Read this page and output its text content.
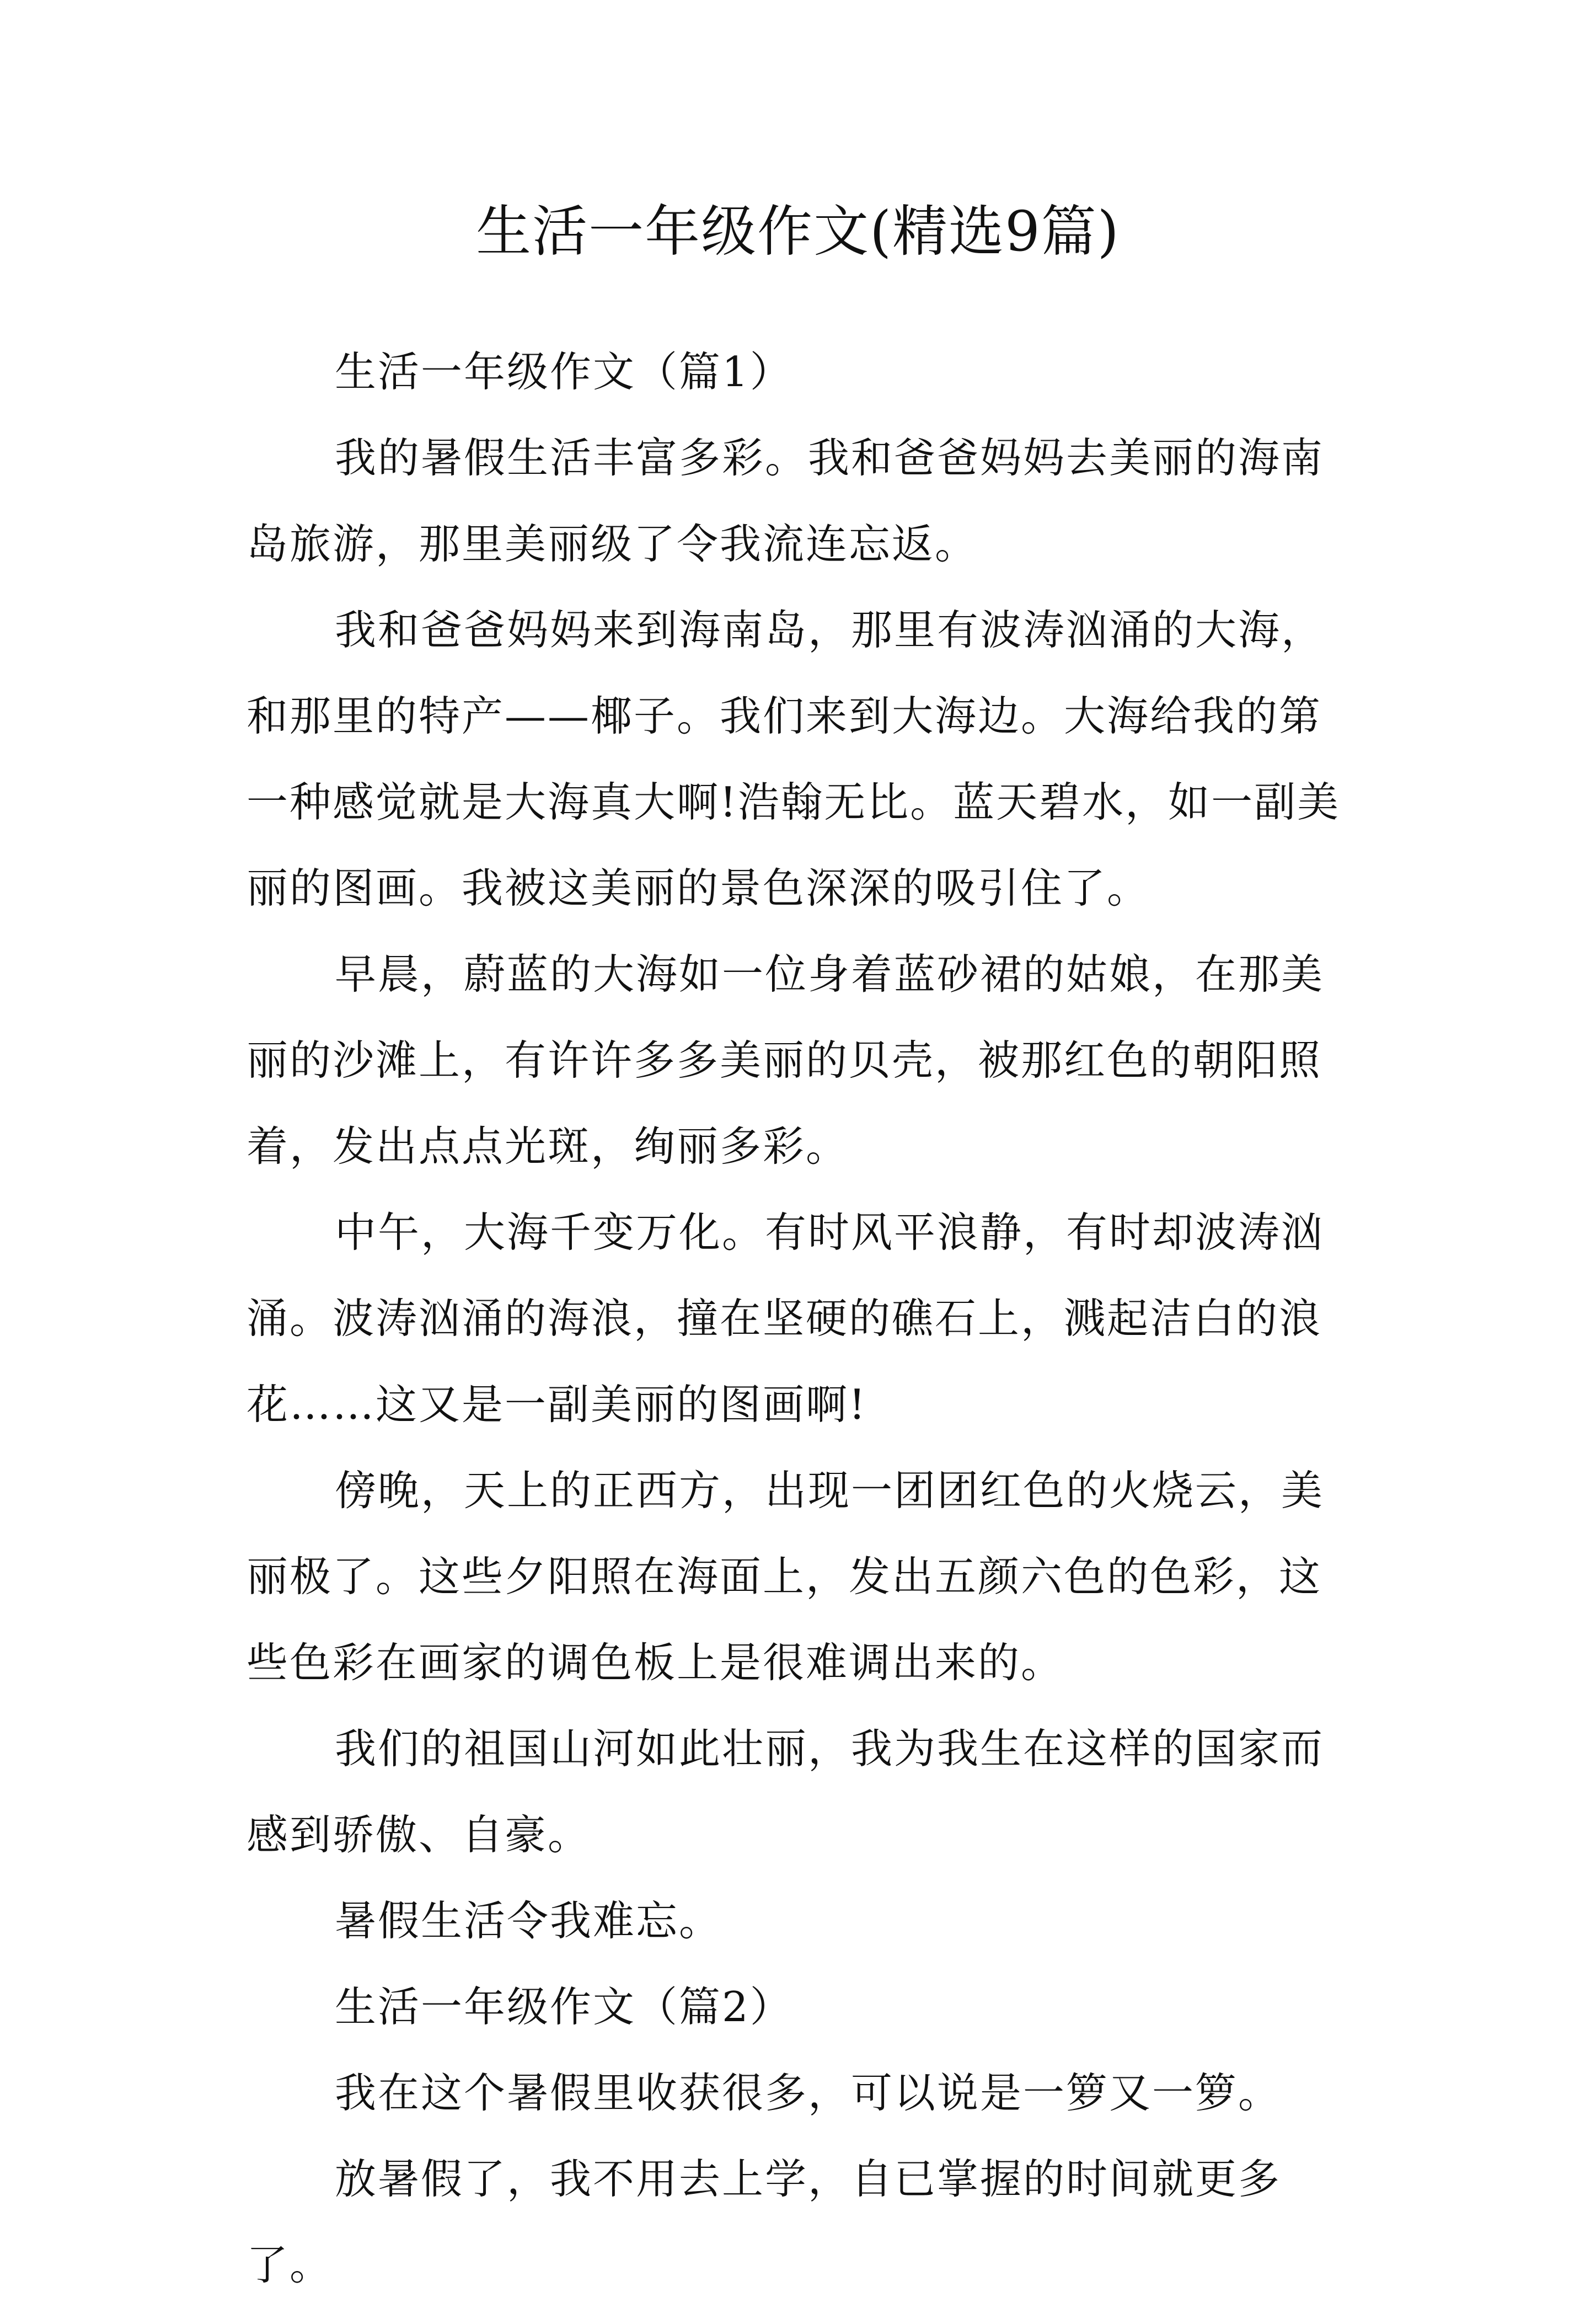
生活一年级作文(精选9篇)

生活一年级作文（篇1）

我的暑假生活丰富多彩。我和爸爸妈妈去美丽的海南岛旅游，那里美丽级了令我流连忘返。

我和爸爸妈妈来到海南岛，那里有波涛汹涌的大海，和那里的特产——椰子。我们来到大海边。大海给我的第一种感觉就是大海真大啊!浩翰无比。蓝天碧水，如一副美丽的图画。我被这美丽的景色深深的吸引住了。

早晨，蔚蓝的大海如一位身着蓝砂裙的姑娘，在那美丽的沙滩上，有许许多多美丽的贝壳，被那红色的朝阳照着，发出点点光斑，绚丽多彩。

中午，大海千变万化。有时风平浪静，有时却波涛汹涌。波涛汹涌的海浪，撞在坚硬的礁石上，溅起洁白的浪花……这又是一副美丽的图画啊!

傍晚，天上的正西方，出现一团团红色的火烧云，美丽极了。这些夕阳照在海面上，发出五颜六色的色彩，这些色彩在画家的调色板上是很难调出来的。

我们的祖国山河如此壮丽，我为我生在这样的国家而感到骄傲、自豪。

暑假生活令我难忘。

生活一年级作文（篇2）

我在这个暑假里收获很多，可以说是一箩又一箩。

放暑假了，我不用去上学，自已掌握的时间就更多了。
